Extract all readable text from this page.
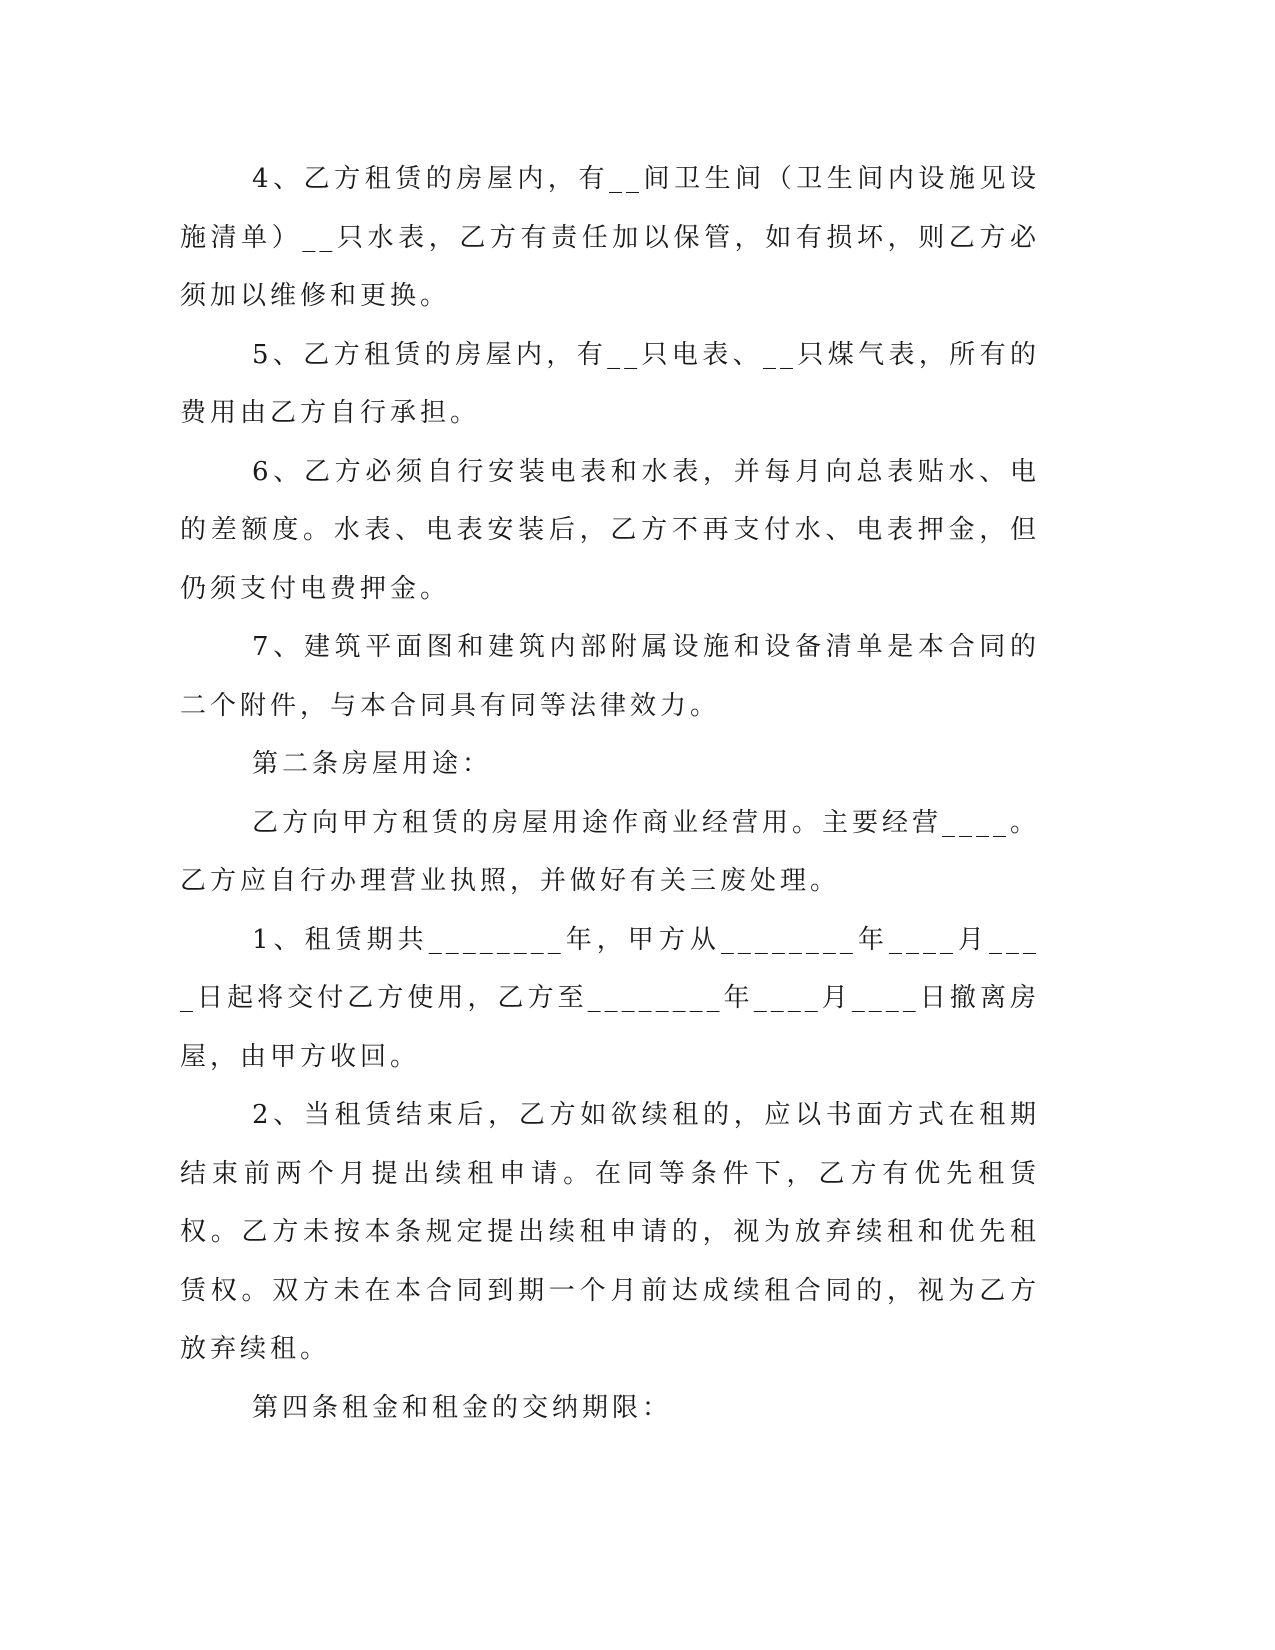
4、乙方租赁的房屋内，有__间卫生间（卫生间内设施见设施清单）__只水表，乙方有责任加以保管，如有损坏，则乙方必须加以维修和更换。

5、乙方租赁的房屋内，有__只电表、__只煤气表，所有的费用由乙方自行承担。

6、乙方必须自行安装电表和水表，并每月向总表贴水、电的差额度。水表、电表安装后，乙方不再支付水、电表押金，但仍须支付电费押金。

7、建筑平面图和建筑内部附属设施和设备清单是本合同的二个附件，与本合同具有同等法律效力。

第二条房屋用途：

乙方向甲方租赁的房屋用途作商业经营用。主要经营____。乙方应自行办理营业执照，并做好有关三废处理。

1、租赁期共________年，甲方从________年____月____日起将交付乙方使用，乙方至________年____月____日撤离房屋，由甲方收回。

2、当租赁结束后，乙方如欲续租的，应以书面方式在租期结束前两个月提出续租申请。在同等条件下，乙方有优先租赁权。乙方未按本条规定提出续租申请的，视为放弃续租和优先租赁权。双方未在本合同到期一个月前达成续租合同的，视为乙方放弃续租。

第四条租金和租金的交纳期限：
